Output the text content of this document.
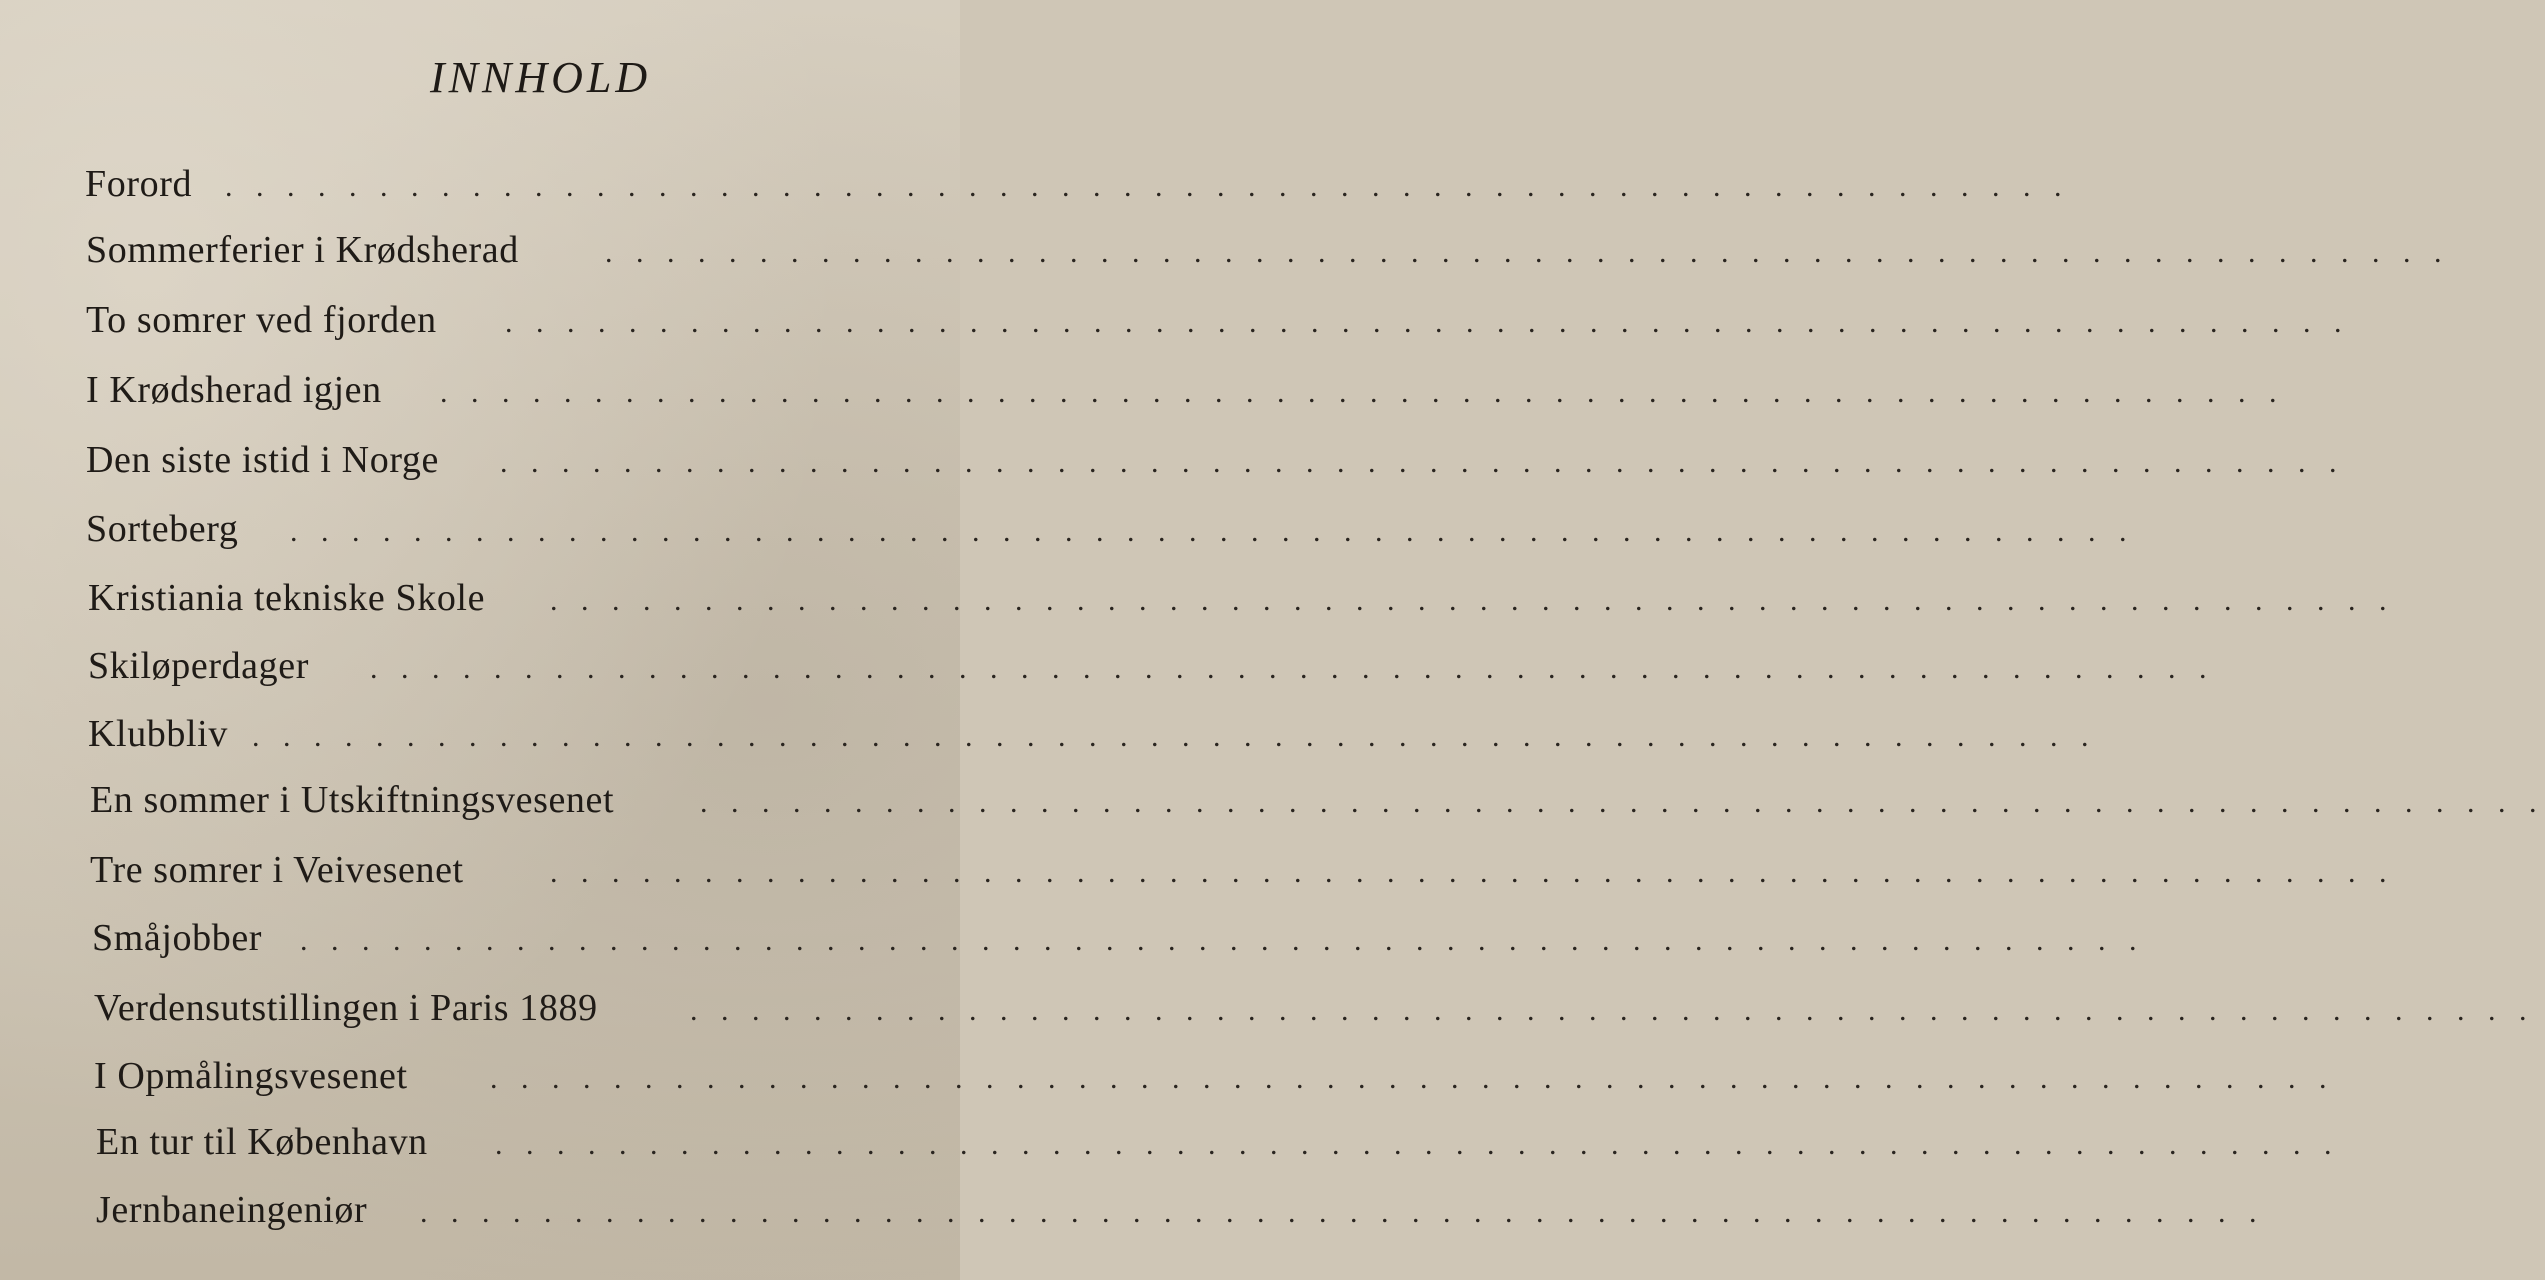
INNHOLD
Forord . . . . . . . . . . . . . . . . . . . . . . . . . . . . . . . . . . . . . . . . . . . . . . . . . . . . . . . . . . . .
Sommerferier i Krødsherad	. . . . . . . . . . . . . . . . . . . . . . . . . . . . . . . . . . . . . . . . . . . . . . . . . . . . . . . . . . . .
To somrer ved fjorden . . . . . . . . . . . . . . . . . . . . . . . . . . . . . . . . . . . . . . . . . . . . . . . . . . . . . . . . . . . .
I Krødsherad igjen . . . . . . . . . . . . . . . . . . . . . . . . . . . . . . . . . . . . . . . . . . . . . . . . . . . . . . . . . . . .
Den siste istid i Norge . . . . . . . . . . . . . . . . . . . . . . . . . . . . . . . . . . . . . . . . . . . . . . . . . . . . . . . . . . . .
Sorteberg . . . . . . . . . . . . . . . . . . . . . . . . . . . . . . . . . . . . . . . . . . . . . . . . . . . . . . . . . . . .
Kristiania tekniske Skole . . . . . . . . . . . . . . . . . . . . . . . . . . . . . . . . . . . . . . . . . . . . . . . . . . . . . . . . . . . .
Skiløperdager . . . . . . . . . . . . . . . . . . . . . . . . . . . . . . . . . . . . . . . . . . . . . . . . . . . . . . . . . . . .
Klubbliv . . . . . . . . . . . . . . . . . . . . . . . . . . . . . . . . . . . . . . . . . . . . . . . . . . . . . . . . . . . .
En sommer i Utskiftningsvesenet	. . . . . . . . . . . . . . . . . . . . . . . . . . . . . . . . . . . . . . . . . . . . . . . . . . . . . . . . . . . .
Tre somrer i Veivesenet	. . . . . . . . . . . . . . . . . . . . . . . . . . . . . . . . . . . . . . . . . . . . . . . . . . . . . . . . . . . .
Småjobber . . . . . . . . . . . . . . . . . . . . . . . . . . . . . . . . . . . . . . . . . . . . . . . . . . . . . . . . . . . .
Verdensutstillingen i Paris 1889	. . . . . . . . . . . . . . . . . . . . . . . . . . . . . . . . . . . . . . . . . . . . . . . . . . . . . . . . . . . .
I Opmålingsvesenet	. . . . . . . . . . . . . . . . . . . . . . . . . . . . . . . . . . . . . . . . . . . . . . . . . . . . . . . . . . . .
En tur til København . . . . . . . . . . . . . . . . . . . . . . . . . . . . . . . . . . . . . . . . . . . . . . . . . . . . . . . . . . . .
Jernbaneingeniør . . . . . . . . . . . . . . . . . . . . . . . . . . . . . . . . . . . . . . . . . . . . . . . . . . . . . . . . . . . .
